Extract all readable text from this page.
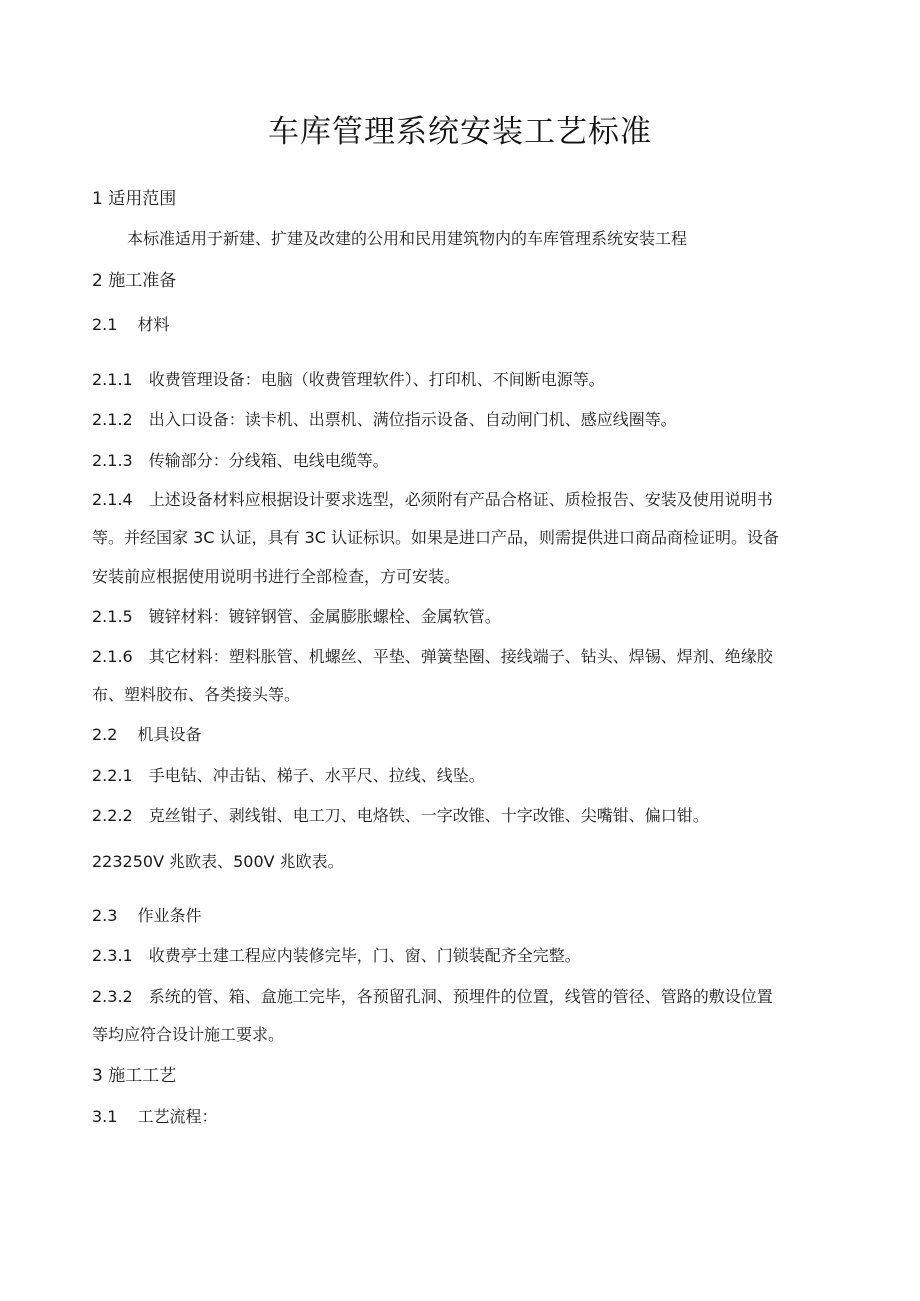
车库管理系统安装工艺标准
1 适用范围
本标准适用于新建、扩建及改建的公用和民用建筑物内的车库管理系统安装工程
2 施工准备
2.1 材料
2.1.1 收费管理设备：电脑（收费管理软件）、打印机、不间断电源等。
2.1.2 出入口设备：读卡机、出票机、满位指示设备、自动闸门机、感应线圈等。
2.1.3 传输部分：分线箱、电线电缆等。
2.1.4 上述设备材料应根据设计要求选型，必须附有产品合格证、质检报告、安装及使用说明书
等。并经国家 3C 认证，具有 3C 认证标识。如果是进口产品，则需提供进口商品商检证明。设备
安装前应根据使用说明书进行全部检查，方可安装。
2.1.5 镀锌材料：镀锌钢管、金属膨胀螺栓、金属软管。
2.1.6 其它材料：塑料胀管、机螺丝、平垫、弹簧垫圈、接线端子、钻头、焊锡、焊剂、绝缘胶
布、塑料胶布、各类接头等。
2.2 机具设备
2.2.1 手电钻、冲击钻、梯子、水平尺、拉线、线坠。
2.2.2 克丝钳子、剥线钳、电工刀、电烙铁、一字改锥、十字改锥、尖嘴钳、偏口钳。
223250V 兆欧表、500V 兆欧表。
2.3 作业条件
2.3.1 收费亭土建工程应内装修完毕，门、窗、门锁装配齐全完整。
2.3.2 系统的管、箱、盒施工完毕，各预留孔洞、预埋件的位置，线管的管径、管路的敷设位置
等均应符合设计施工要求。
3 施工工艺
3.1 工艺流程：
